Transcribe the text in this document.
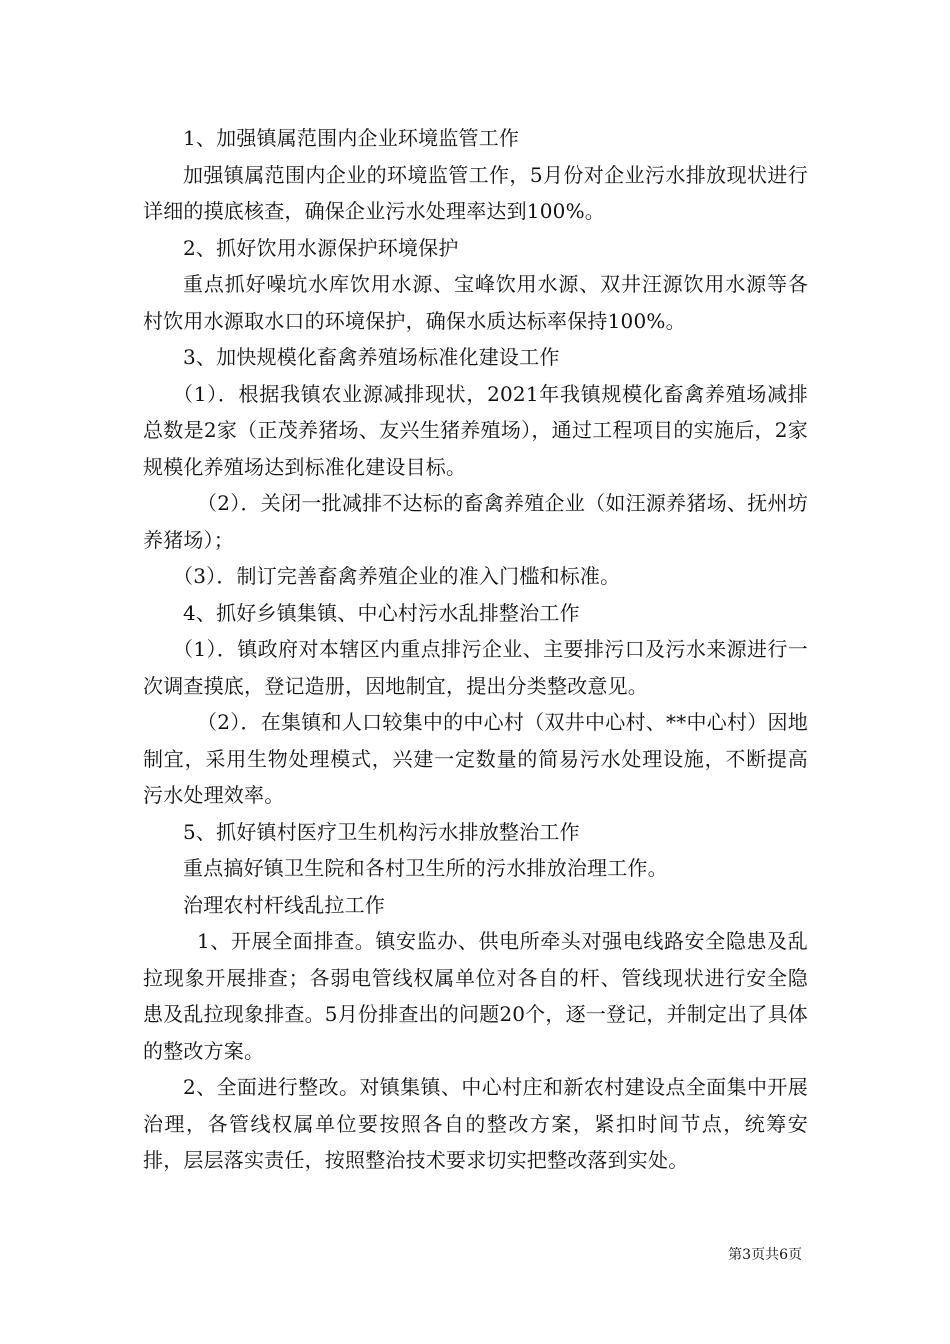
1、加强镇属范围内企业环境监管工作

加强镇属范围内企业的环境监管工作，5月份对企业污水排放现状进行详细的摸底核查，确保企业污水处理率达到100%。

2、抓好饮用水源保护环境保护

重点抓好噪坑水库饮用水源、宝峰饮用水源、双井汪源饮用水源等各村饮用水源取水口的环境保护，确保水质达标率保持100%。

3、加快规模化畜禽养殖场标准化建设工作

（1）．根据我镇农业源减排现状，2021年我镇规模化畜禽养殖场减排总数是2家（正茂养猪场、友兴生猪养殖场），通过工程项目的实施后，2家规模化养殖场达到标准化建设目标。

（2）．关闭一批减排不达标的畜禽养殖企业（如汪源养猪场、抚州坊养猪场）；

（3）．制订完善畜禽养殖企业的准入门槛和标准。

4、抓好乡镇集镇、中心村污水乱排整治工作

（1）．镇政府对本辖区内重点排污企业、主要排污口及污水来源进行一次调查摸底，登记造册，因地制宜，提出分类整改意见。

（2）．在集镇和人口较集中的中心村（双井中心村、**中心村）因地制宜，采用生物处理模式，兴建一定数量的简易污水处理设施，不断提高污水处理效率。

5、抓好镇村医疗卫生机构污水排放整治工作

重点搞好镇卫生院和各村卫生所的污水排放治理工作。

治理农村杆线乱拉工作

1、开展全面排查。镇安监办、供电所牵头对强电线路安全隐患及乱拉现象开展排查；各弱电管线权属单位对各自的杆、管线现状进行安全隐患及乱拉现象排查。5月份排查出的问题20个，逐一登记，并制定出了具体的整改方案。

2、全面进行整改。对镇集镇、中心村庄和新农村建设点全面集中开展治理，各管线权属单位要按照各自的整改方案，紧扣时间节点，统筹安排，层层落实责任，按照整治技术要求切实把整改落到实处。

第3页共6页
